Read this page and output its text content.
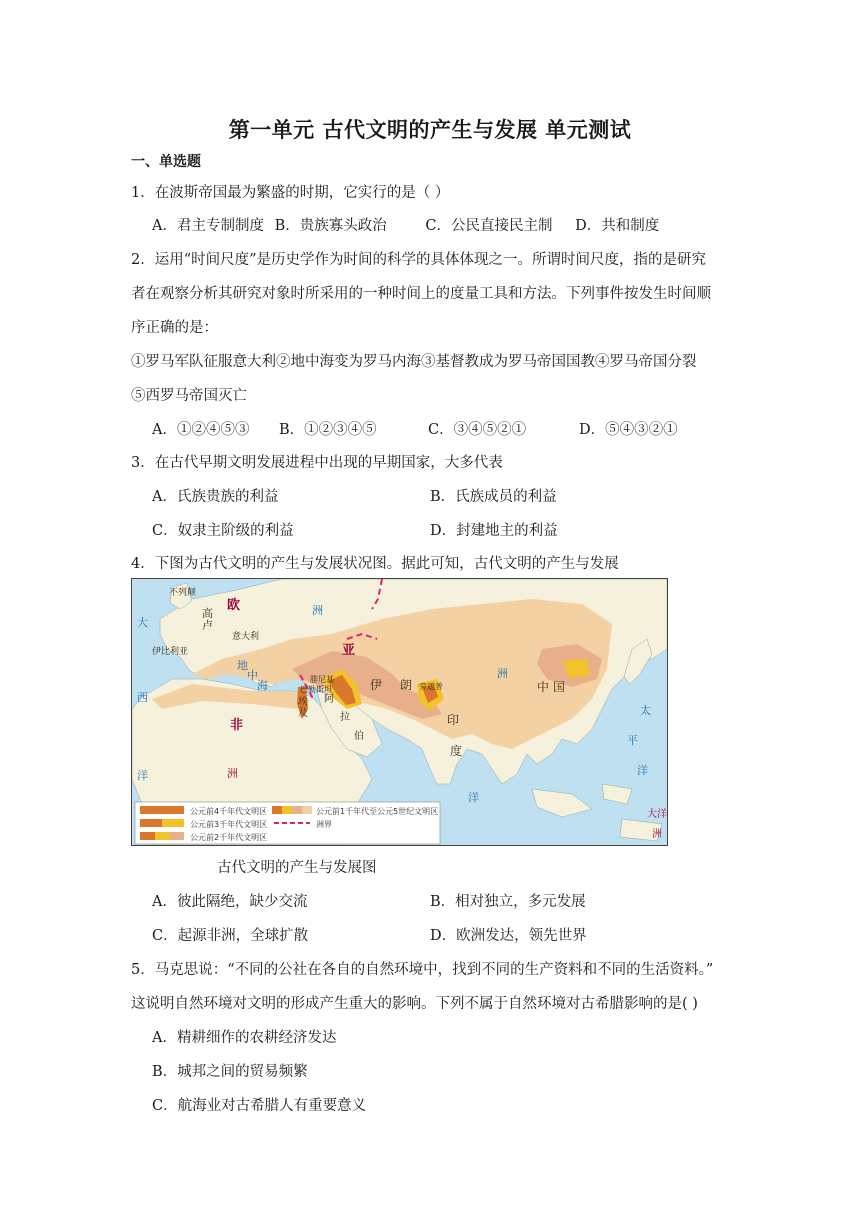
第一单元 古代文明的产生与发展 单元测试
一、单选题
1．在波斯帝国最为繁盛的时期，它实行的是（ ）
A．君主专制制度 B．贵族寡头政治	C．公民直接民主制 D．共和制度
2．运用“时间尺度”是历史学作为时间的科学的具体体现之一。所谓时间尺度，指的是研究
者在观察分析其研究对象时所采用的一种时间上的度量工具和方法。下列事件按发生时间顺
序正确的是：
①罗马军队征服意大利②地中海变为罗马内海③基督教成为罗马帝国国教④罗马帝国分裂
⑤西罗马帝国灭亡
A．①②④⑤③ B．①②③④⑤	C．③④⑤②①	D．⑤④③②①
3．在古代早期文明发展进程中出现的早期国家，大多代表
A．氏族贵族的利益	B．氏族成员的利益
C．奴隶主阶级的利益	D．封建地主的利益
4．下图为古代文明的产生与发展状况图。据此可知，古代文明的产生与发展
不列颠
欧	洲
高
卢
意大利
伊比利亚
大
西
洋
地
中
海
非
洲
亚
腓尼基
巴勒斯坦
埃
及
阿
拉
伯
伊 朗 旁遮普
印
度
洲
中 国
太
平
洋
洋
大洋
洲
公元前4千年代文明区
公元前3千年代文明区
公元前2千年代文明区
公元前1千年代至公元5世纪文明区
洲界
古代文明的产生与发展图
A．彼此隔绝，缺少交流	B．相对独立，多元发展
C．起源非洲，全球扩散	D．欧洲发达，领先世界
5．马克思说：“不同的公社在各自的自然环境中，找到不同的生产资料和不同的生活资料。”
这说明自然环境对文明的形成产生重大的影响。下列不属于自然环境对古希腊影响的是( )
A．精耕细作的农耕经济发达
B．城邦之间的贸易频繁
C．航海业对古希腊人有重要意义
